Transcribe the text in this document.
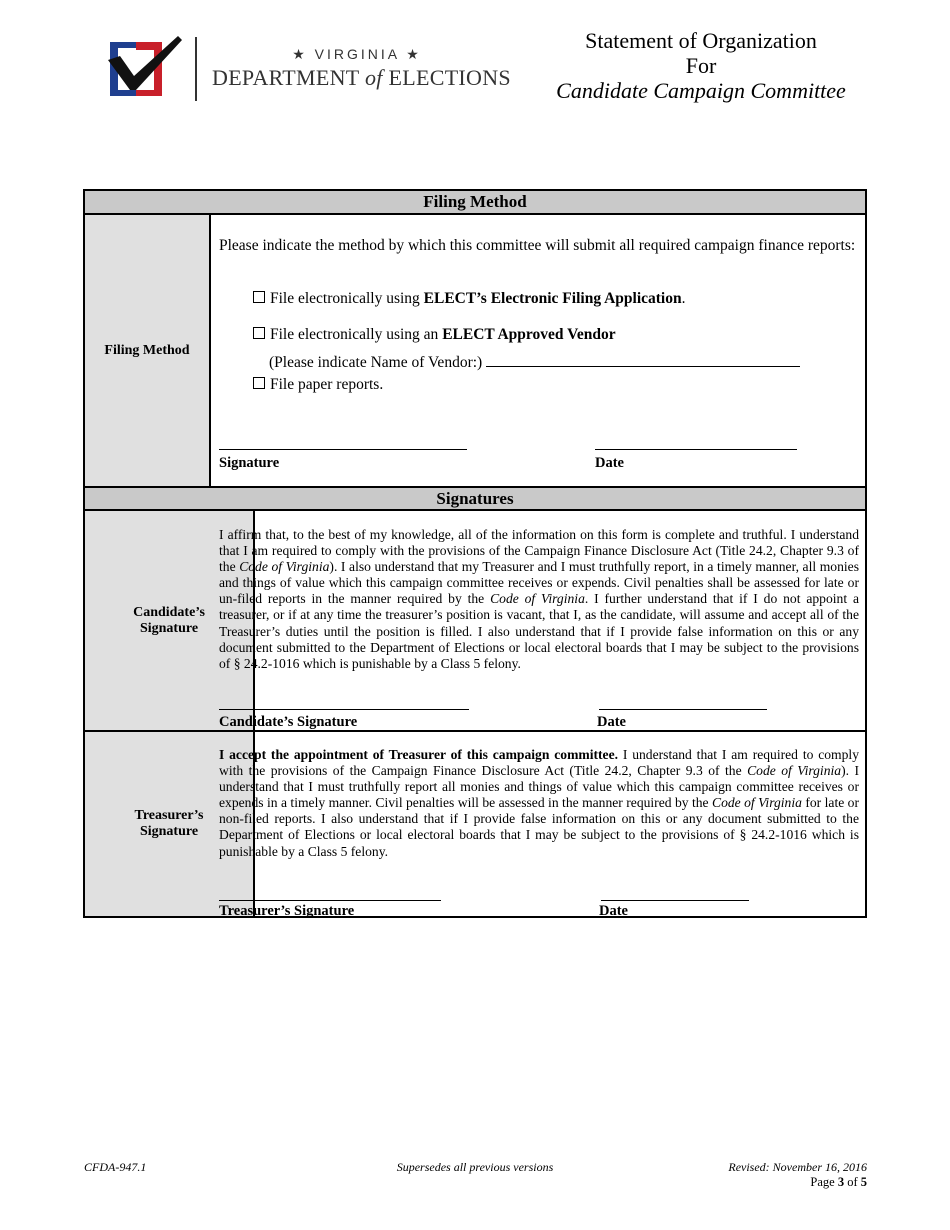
★ VIRGINIA ★
DEPARTMENT of ELECTIONS
Statement of Organization
For
Candidate Campaign Committee
Filing Method
Filing Method
Please indicate the method by which this committee will submit all required campaign finance reports:
File electronically using ELECT’s Electronic Filing Application.
File electronically using an ELECT Approved Vendor
(Please indicate Name of Vendor:)
File paper reports.
Signature	Date
Signatures
Candidate’s Signature
I affirm that, to the best of my knowledge, all of the information on this form is complete and truthful. I understand that I am required to comply with the provisions of the Campaign Finance Disclosure Act (Title 24.2, Chapter 9.3 of the Code of Virginia). I also understand that my Treasurer and I must truthfully report, in a timely manner, all monies and things of value which this campaign committee receives or expends. Civil penalties shall be assessed for late or un-filed reports in the manner required by the Code of Virginia. I further understand that if I do not appoint a treasurer, or if at any time the treasurer’s position is vacant, that I, as the candidate, will assume and accept all of the Treasurer’s duties until the position is filled. I also understand that if I provide false information on this or any document submitted to the Department of Elections or local electoral boards that I may be subject to the provisions of § 24.2-1016 which is punishable by a Class 5 felony.
Candidate’s Signature	Date
Treasurer’s Signature
I accept the appointment of Treasurer of this campaign committee. I understand that I am required to comply with the provisions of the Campaign Finance Disclosure Act (Title 24.2, Chapter 9.3 of the Code of Virginia). I understand that I must truthfully report all monies and things of value which this campaign committee receives or expends in a timely manner. Civil penalties will be assessed in the manner required by the Code of Virginia for late or non-filed reports. I also understand that if I provide false information on this or any document submitted to the Department of Elections or local electoral boards that I may be subject to the provisions of § 24.2-1016 which is punishable by a Class 5 felony.
Treasurer’s Signature	Date
CFDA-947.1	Supersedes all previous versions	Revised: November 16, 2016
Page 3 of 5
